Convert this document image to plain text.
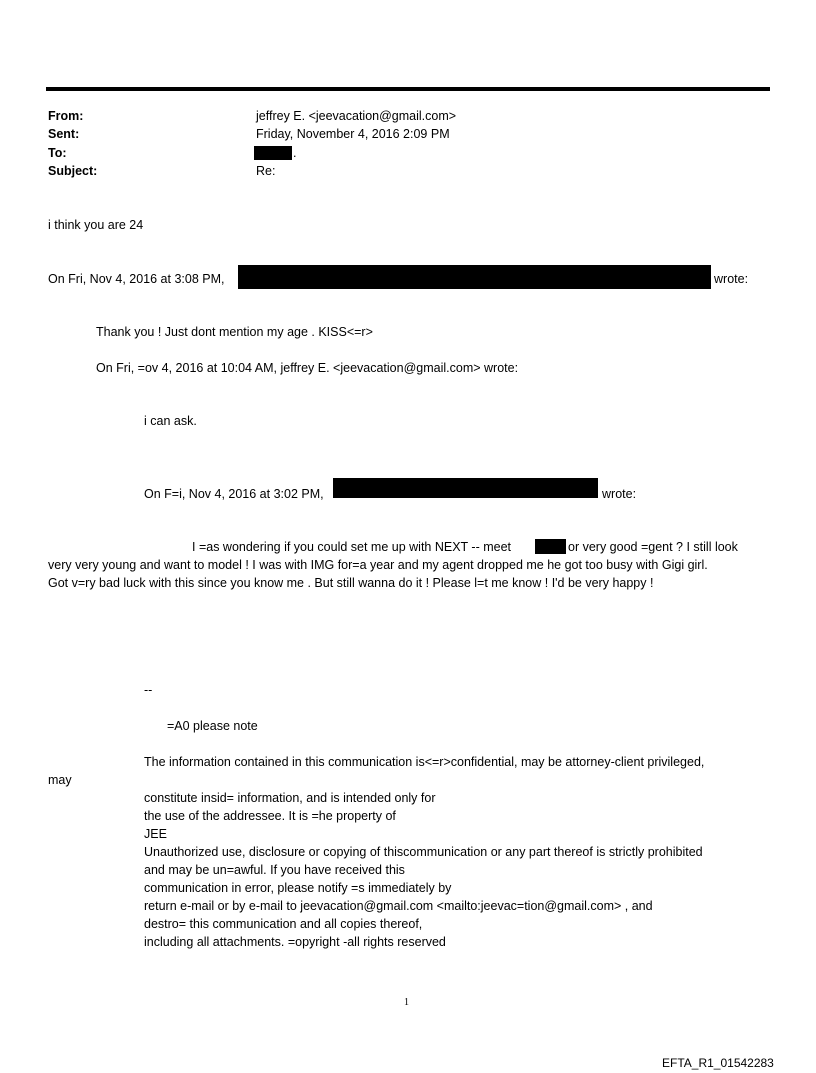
From:	jeffrey E. <jeevacation@gmail.com>
Sent:	Friday, November 4, 2016 2:09 PM
To:	.
Subject:	Re:
i think you are 24
On Fri, Nov 4, 2016 at 3:08 PM,	wrote:
Thank you ! Just dont mention my age . KISS<=r>
On Fri, =ov 4, 2016 at 10:04 AM, jeffrey E. <jeevacation@gmail.com> wrote:
i can ask.
On F=i, Nov 4, 2016 at 3:02 PM,	wrote:
I =as wondering if you could set me up with NEXT -- meet	or very good =gent ? I still look
very very young and want to model ! I was with IMG for=a year and my agent dropped me he got too busy with Gigi girl.
Got v=ry bad luck with this since you know me . But still wanna do it ! Please l=t me know ! I'd be very happy !
--
=A0 please note
The information contained in this communication is<=r>confidential, may be attorney-client privileged,
may
constitute insid= information, and is intended only for
the use of the addressee. It is =he property of
JEE
Unauthorized use, disclosure or copying of thiscommunication or any part thereof is strictly prohibited
and may be un=awful. If you have received this
communication in error, please notify =s immediately by
return e-mail or by e-mail to jeevacation@gmail.com <mailto:jeevac=tion@gmail.com> , and
destro= this communication and all copies thereof,
including all attachments. =opyright -all rights reserved
1
EFTA_R1_01542283
